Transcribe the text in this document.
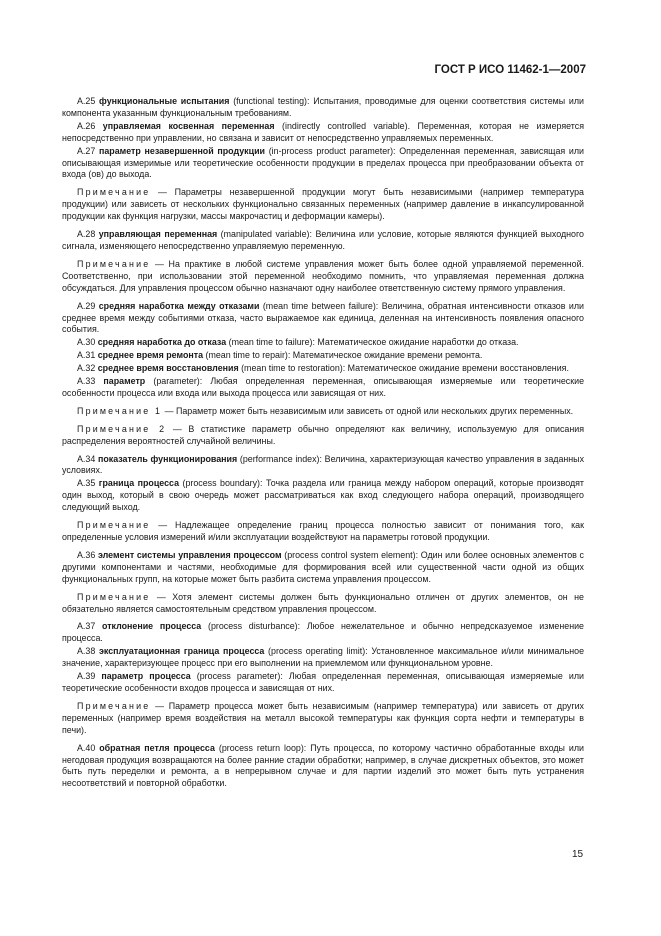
ГОСТ Р ИСО 11462-1—2007

А.25 функциональные испытания (functional testing): Испытания, проводимые для оценки соответствия системы или компонента указанным функциональным требованиям.

А.26 управляемая косвенная переменная (indirectly controlled variable). Переменная, которая не измеряется непосредственно при управлении, но связана и зависит от непосредственно управляемых переменных.

А.27 параметр незавершенной продукции (in-process product parameter): Определенная переменная, зависящая или описывающая измеримые или теоретические особенности продукции в пределах процесса при преобразовании объекта от входа (ов) до выхода.

Примечание — Параметры незавершенной продукции могут быть независимыми (например температура продукции) или зависеть от нескольких функционально связанных переменных (например давление в инкапсулированной продукции как функция нагрузки, массы макрочастиц и деформации камеры).

А.28 управляющая переменная (manipulated variable): Величина или условие, которые являются функцией выходного сигнала, изменяющего непосредственно управляемую переменную.

Примечание — На практике в любой системе управления может быть более одной управляемой переменной. Соответственно, при использовании этой переменной необходимо помнить, что управляемая переменная должна обсуждаться. Для управления процессом обычно назначают одну наиболее ответственную систему прямого управления.

А.29 средняя наработка между отказами (mean time between failure): Величина, обратная интенсивности отказов или среднее время между событиями отказа, часто выражаемое как единица, деленная на интенсивность появления опасного события.

А.30 средняя наработка до отказа (mean time to failure): Математическое ожидание наработки до отказа.

А.31 среднее время ремонта (mean time to repair): Математическое ожидание времени ремонта.

А.32 среднее время восстановления (mean time to restoration): Математическое ожидание времени восстановления.

А.33 параметр (parameter): Любая определенная переменная, описывающая измеряемые или теоретические особенности процесса или входа или выхода процесса или зависящая от них.

Примечание 1 — Параметр может быть независимым или зависеть от одной или нескольких других переменных.

Примечание 2 — В статистике параметр обычно определяют как величину, используемую для описания распределения вероятностей случайной величины.

А.34 показатель функционирования (performance index): Величина, характеризующая качество управления в заданных условиях.

А.35 граница процесса (process boundary): Точка раздела или граница между набором операций, которые производят один выход, который в свою очередь может рассматриваться как вход следующего набора операций, производящего следующий выход.

Примечание — Надлежащее определение границ процесса полностью зависит от понимания того, как определенные условия измерений и/или эксплуатации воздействуют на параметры готовой продукции.

А.36 элемент системы управления процессом (process control system element): Один или более основных элементов с другими компонентами и частями, необходимые для формирования всей или существенной части одной из общих функциональных групп, на которые может быть разбита система управления процессом.

Примечание — Хотя элемент системы должен быть функционально отличен от других элементов, он не обязательно является самостоятельным средством управления процессом.

А.37 отклонение процесса (process disturbance): Любое нежелательное и обычно непредсказуемое изменение процесса.

А.38 эксплуатационная граница процесса (process operating limit): Установленное максимальное и/или минимальное значение, характеризующее процесс при его выполнении на приемлемом или функциональном уровне.

А.39 параметр процесса (process parameter): Любая определенная переменная, описывающая измеряемые или теоретические особенности входов процесса и зависящая от них.

Примечание — Параметр процесса может быть независимым (например температура) или зависеть от других переменных (например время воздействия на металл высокой температуры как функция сорта нефти и температуры в печи).

А.40 обратная петля процесса (process return loop): Путь процесса, по которому частично обработанные входы или негодовая продукция возвращаются на более ранние стадии обработки; например, в случае дискретных объектов, это может быть путь переделки и ремонта, а в непрерывном случае и для партии изделий это может быть путь устранения несоответствий и повторной обработки.

15
